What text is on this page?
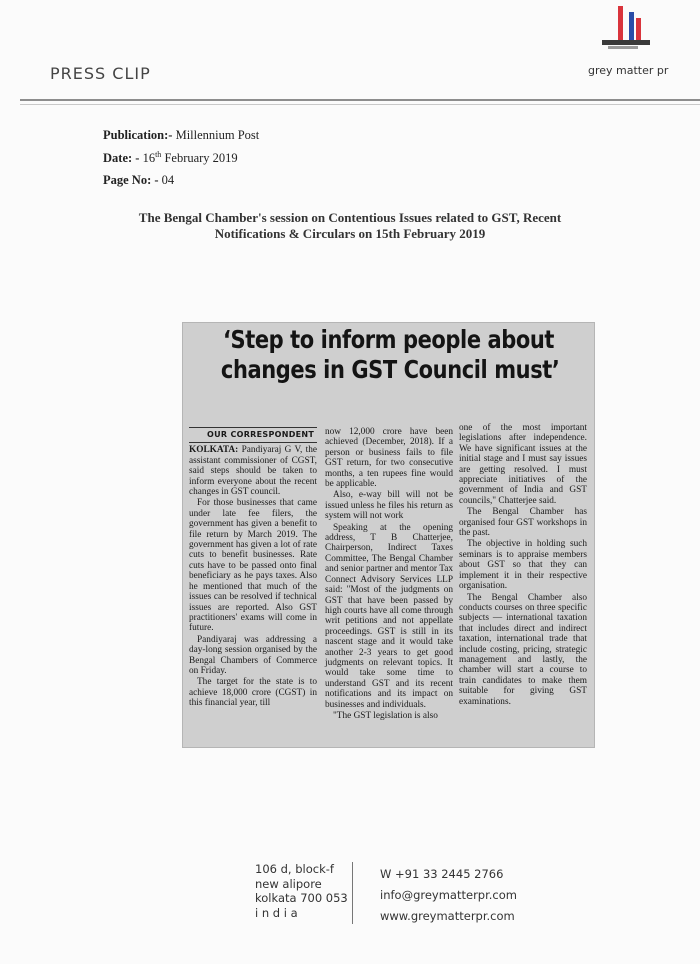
PRESS CLIP	grey matter pr
Publication:- Millennium Post
Date: - 16th February 2019
Page No: - 04
The Bengal Chamber's session on Contentious Issues related to GST, Recent
Notifications & Circulars on 15th February 2019
‘Step to inform people about
changes in GST Council must’
OUR CORRESPONDENT

KOLKATA: Pandiyaraj G V, the assistant commissioner of CGST, said steps should be taken to inform everyone about the recent changes in GST council.

For those businesses that came under late fee filers, the government has given a benefit to file return by March 2019. The government has given a lot of rate cuts to benefit businesses. Rate cuts have to be passed onto final beneficiary as he pays taxes. Also he mentioned that much of the issues can be resolved if technical issues are reported. Also GST practitioners' exams will come in future.

Pandiyaraj was addressing a day-long session organised by the Bengal Chambers of Commerce on Friday.

The target for the state is to achieve 18,000 crore (CGST) in this financial year, till

now 12,000 crore have been achieved (December, 2018). If a person or business fails to file GST return, for two consecutive months, a ten rupees fine would be applicable.

Also, e-way bill will not be issued unless he files his return as system will not work

Speaking at the opening address, T B Chatterjee, Chairperson, Indirect Taxes Committee, The Bengal Chamber and senior partner and mentor Tax Connect Advisory Services LLP said: "Most of the judgments on GST that have been passed by high courts have all come through writ petitions and not appellate proceedings. GST is still in its nascent stage and it would take another 2-3 years to get good judgments on relevant topics. It would take some time to understand GST and its recent notifications and its impact on businesses and individuals.

"The GST legislation is also

one of the most important legislations after independence. We have significant issues at the initial stage and I must say issues are getting resolved. I must appreciate initiatives of the government of India and GST councils," Chatterjee said.

The Bengal Chamber has organised four GST workshops in the past.

The objective in holding such seminars is to appraise members about GST so that they can implement it in their respective organisation.

The Bengal Chamber also conducts courses on three specific subjects — international taxation that includes direct and indirect taxation, international trade that include costing, pricing, strategic management and lastly, the chamber will start a course to train candidates to make them suitable for giving GST examinations.

106 d, block-f
new alipore
kolkata 700 053
i n d i a
W +91 33 2445 2766
info@greymatterpr.com
www.greymatterpr.com
